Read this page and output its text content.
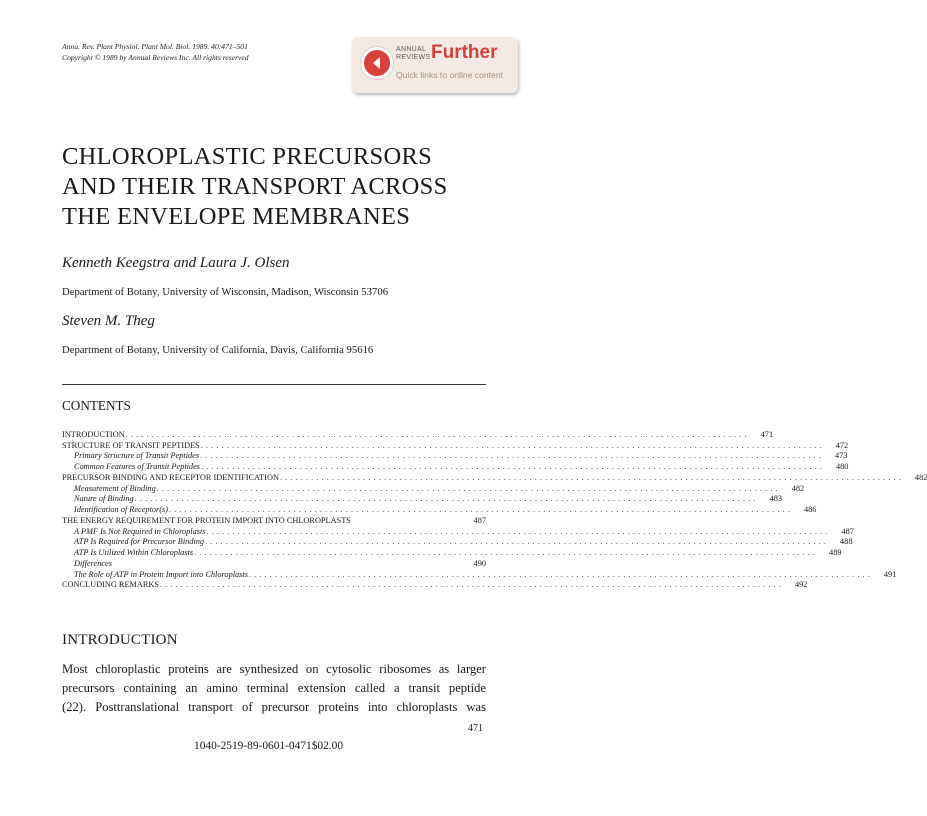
Annu. Rev. Plant Physiol. Plant Mol. Biol. 1989. 40:471–501
Copyright © 1989 by Annual Reviews Inc. All rights reserved
ANNUAL
REVIEWS Further
Quick links to online content
CHLOROPLASTIC PRECURSORS
AND THEIR TRANSPORT ACROSS
THE ENVELOPE MEMBRANES
Kenneth Keegstra and Laura J. Olsen
Department of Botany, University of Wisconsin, Madison, Wisconsin 53706
Steven M. Theg
Department of Botany, University of California, Davis, California 95616
CONTENTS
INTRODUCTION . . . . . . . . . . . . . . . . . . . . . . . . . . . . . . . . . . . . . . . . . . . . . . . . . . . . . . . . . . . . . . . . . . . . . . . . . . . . . . . . . . . . . . . . . . . . . . . . . . . . . . . . . . . . . . . . . . . . . . . .	471
STRUCTURE OF TRANSIT PEPTIDES . . . . . . . . . . . . . . . . . . . . . . . . . . . . . . . . . . . . . . . . . . . . . . . . . . . . . . . . . . . . . . . . . . . . . . . . . . . . . . . . . . . . . . . . . . . . . . . . . . . . . . . . . . . . . . . . . . . . . . . .	472
Primary Structure of Transit Peptides . . . . . . . . . . . . . . . . . . . . . . . . . . . . . . . . . . . . . . . . . . . . . . . . . . . . . . . . . . . . . . . . . . . . . . . . . . . . . . . . . . . . . . . . . . . . . . . . . . . . . . . . . . . . . . . . . . . . . . . .	473
Common Features of Transit Peptides . . . . . . . . . . . . . . . . . . . . . . . . . . . . . . . . . . . . . . . . . . . . . . . . . . . . . . . . . . . . . . . . . . . . . . . . . . . . . . . . . . . . . . . . . . . . . . . . . . . . . . . . . . . . . . . . . . . . . . . .	480
PRECURSOR BINDING AND RECEPTOR IDENTIFICATION . . . . . . . . . . . . . . . . . . . . . . . . . . . . . . . . . . . . . . . . . . . . . . . . . . . . . . . . . . . . . . . . . . . . . . . . . . . . . . . . . . . . . . . . . . . . . . . . . . . . . . . . . . . . . . . . . . . . . . . .	482
Measurement of Binding . . . . . . . . . . . . . . . . . . . . . . . . . . . . . . . . . . . . . . . . . . . . . . . . . . . . . . . . . . . . . . . . . . . . . . . . . . . . . . . . . . . . . . . . . . . . . . . . . . . . . . . . . . . . . . . . . . . . . . . .	482
Nature of Binding . . . . . . . . . . . . . . . . . . . . . . . . . . . . . . . . . . . . . . . . . . . . . . . . . . . . . . . . . . . . . . . . . . . . . . . . . . . . . . . . . . . . . . . . . . . . . . . . . . . . . . . . . . . . . . . . . . . . . . . .	483
Identification of Receptor(s) . . . . . . . . . . . . . . . . . . . . . . . . . . . . . . . . . . . . . . . . . . . . . . . . . . . . . . . . . . . . . . . . . . . . . . . . . . . . . . . . . . . . . . . . . . . . . . . . . . . . . . . . . . . . . . . . . . . . . . . .	486
THE ENERGY REQUIREMENT FOR PROTEIN IMPORT INTO CHLOROPLASTS	487
A PMF Is Not Required in Chloroplasts . . . . . . . . . . . . . . . . . . . . . . . . . . . . . . . . . . . . . . . . . . . . . . . . . . . . . . . . . . . . . . . . . . . . . . . . . . . . . . . . . . . . . . . . . . . . . . . . . . . . . . . . . . . . . . . . . . . . . . . .	487
ATP Is Required for Precursor Binding . . . . . . . . . . . . . . . . . . . . . . . . . . . . . . . . . . . . . . . . . . . . . . . . . . . . . . . . . . . . . . . . . . . . . . . . . . . . . . . . . . . . . . . . . . . . . . . . . . . . . . . . . . . . . . . . . . . . . . . .	488
ATP Is Utilized Within Chloroplasts . . . . . . . . . . . . . . . . . . . . . . . . . . . . . . . . . . . . . . . . . . . . . . . . . . . . . . . . . . . . . . . . . . . . . . . . . . . . . . . . . . . . . . . . . . . . . . . . . . . . . . . . . . . . . . . . . . . . . . . .	489
Differences	490
The Role of ATP in Protein Import into Chloroplasts . . . . . . . . . . . . . . . . . . . . . . . . . . . . . . . . . . . . . . . . . . . . . . . . . . . . . . . . . . . . . . . . . . . . . . . . . . . . . . . . . . . . . . . . . . . . . . . . . . . . . . . . . . . . . . . . . . . . . . . .	491
CONCLUDING REMARKS . . . . . . . . . . . . . . . . . . . . . . . . . . . . . . . . . . . . . . . . . . . . . . . . . . . . . . . . . . . . . . . . . . . . . . . . . . . . . . . . . . . . . . . . . . . . . . . . . . . . . . . . . . . . . . . . . . . . . . . .	492
INTRODUCTION
Most chloroplastic proteins are synthesized on cytosolic ribosomes as larger
precursors containing an amino terminal extension called a transit peptide
(22). Posttranslational transport of precursor proteins into chloroplasts was
471
1040-2519-89-0601-0471$02.00
